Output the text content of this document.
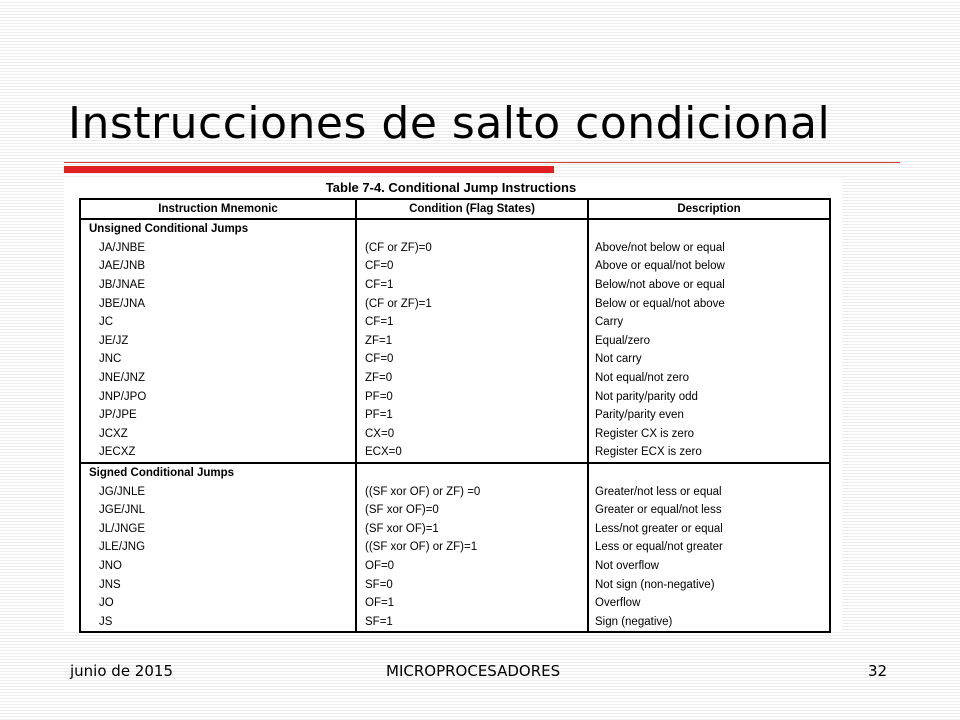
Instrucciones de salto condicional
Table 7-4. Conditional Jump Instructions
Instruction Mnemonic	Condition (Flag States)	Description
Unsigned Conditional Jumps		
JA/JNBE	(CF or ZF)=0	Above/not below or equal
JAE/JNB	CF=0	Above or equal/not below
JB/JNAE	CF=1	Below/not above or equal
JBE/JNA	(CF or ZF)=1	Below or equal/not above
JC	CF=1	Carry
JE/JZ	ZF=1	Equal/zero
JNC	CF=0	Not carry
JNE/JNZ	ZF=0	Not equal/not zero
JNP/JPO	PF=0	Not parity/parity odd
JP/JPE	PF=1	Parity/parity even
JCXZ	CX=0	Register CX is zero
JECXZ	ECX=0	Register ECX is zero
Signed Conditional Jumps		
JG/JNLE	((SF xor OF) or ZF) =0	Greater/not less or equal
JGE/JNL	(SF xor OF)=0	Greater or equal/not less
JL/JNGE	(SF xor OF)=1	Less/not greater or equal
JLE/JNG	((SF xor OF) or ZF)=1	Less or equal/not greater
JNO	OF=0	Not overflow
JNS	SF=0	Not sign (non-negative)
JO	OF=1	Overflow
JS	SF=1	Sign (negative)
junio de 2015	MICROPROCESADORES	32
